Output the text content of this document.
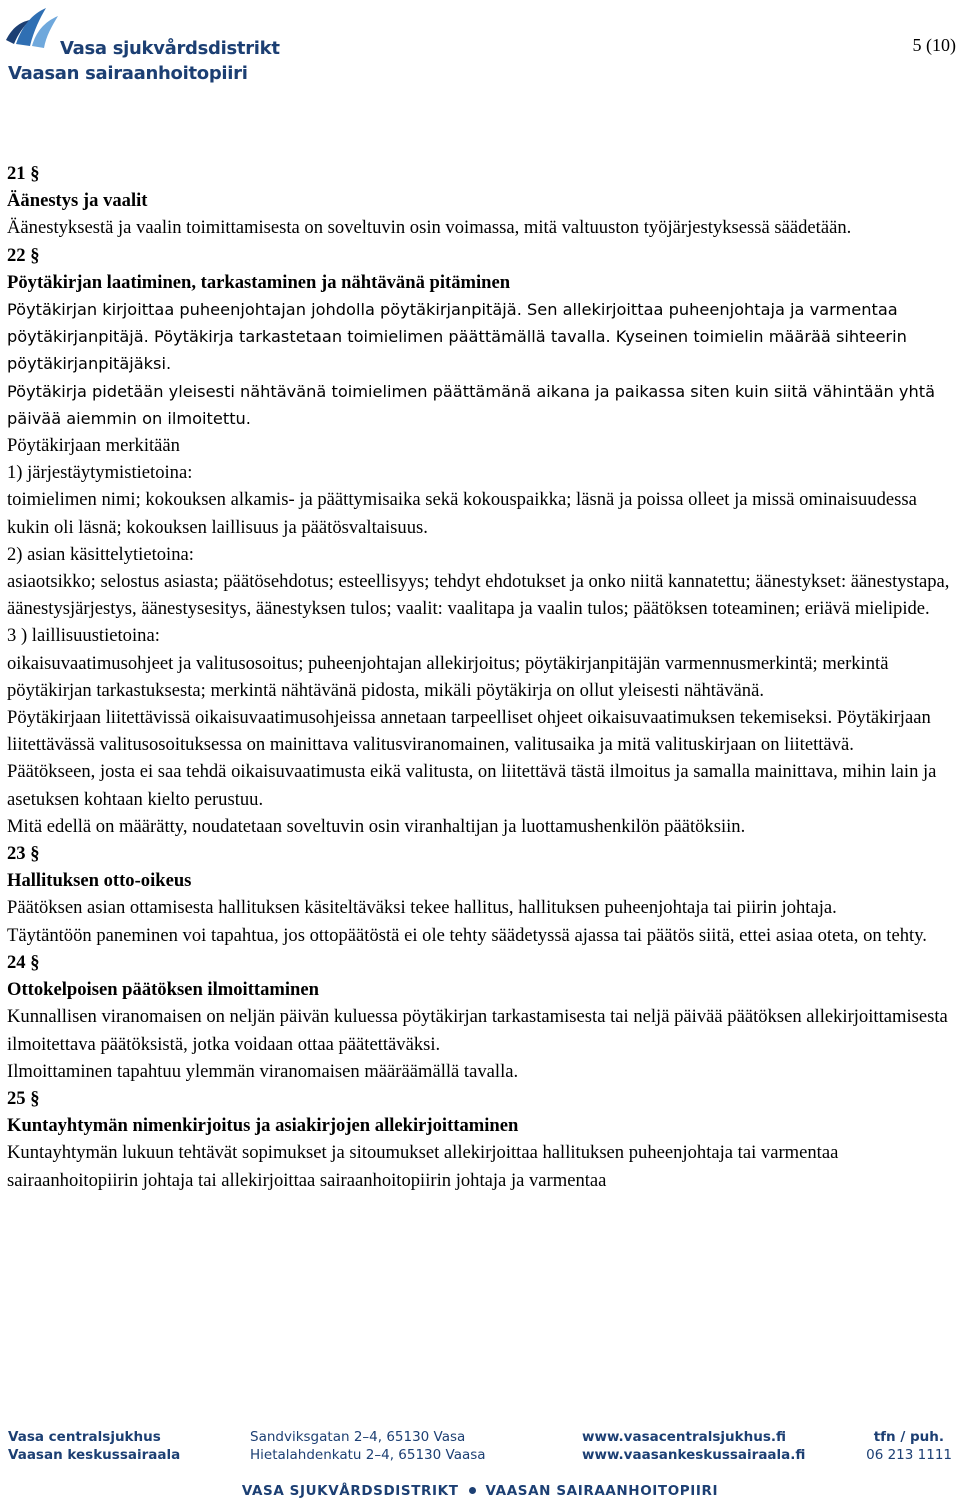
Vasa sjukvårdsdistrikt
Vaasan sairaanhoitopiiri
5 (10)

21 §

Äänestys ja vaalit

Äänestyksestä ja vaalin toimittamisesta on soveltuvin osin voimassa, mitä valtuuston työjärjestyksessä säädetään.

22 §

Pöytäkirjan laatiminen, tarkastaminen ja nähtävänä pitäminen

Pöytäkirjan kirjoittaa puheenjohtajan johdolla pöytäkirjanpitäjä. Sen allekirjoittaa puheenjohtaja ja varmentaa pöytäkirjanpitäjä. Pöytäkirja tarkastetaan toimielimen päättämällä tavalla. Kyseinen toimielin määrää sihteerin pöytäkirjanpitäjäksi.

Pöytäkirja pidetään yleisesti nähtävänä toimielimen päättämänä aikana ja paikassa siten kuin siitä vähintään yhtä päivää aiemmin on ilmoitettu.

Pöytäkirjaan merkitään

1) järjestäytymistietoina:

toimielimen nimi; kokouksen alkamis- ja päättymisaika sekä kokouspaikka; läsnä ja poissa olleet ja missä ominaisuudessa kukin oli läsnä; kokouksen laillisuus ja päätösvaltaisuus.

2) asian käsittelytietoina:

asiaotsikko; selostus asiasta; päätösehdotus; esteellisyys; tehdyt ehdotukset ja onko niitä kannatettu; äänestykset: äänestystapa, äänestysjärjestys, äänestysesitys, äänestyksen tulos; vaalit: vaalitapa ja vaalin tulos; päätöksen toteaminen; eriävä mielipide.

3 ) laillisuustietoina:

oikaisuvaatimusohjeet ja valitusosoitus; puheenjohtajan allekirjoitus; pöytäkirjanpitäjän varmennusmerkintä; merkintä pöytäkirjan tarkastuksesta; merkintä nähtävänä pidosta, mikäli pöytäkirja on ollut yleisesti nähtävänä.

Pöytäkirjaan liitettävissä oikaisuvaatimusohjeissa annetaan tarpeelliset ohjeet oikaisuvaatimuksen tekemiseksi. Pöytäkirjaan liitettävässä valitusosoituksessa on mainittava valitusviranomainen, valitusaika ja mitä valituskirjaan on liitettävä.

Päätökseen, josta ei saa tehdä oikaisuvaatimusta eikä valitusta, on liitettävä tästä ilmoitus ja samalla mainittava, mihin lain ja asetuksen kohtaan kielto perustuu.

Mitä edellä on määrätty, noudatetaan soveltuvin osin viranhaltijan ja luottamushenkilön päätöksiin.

23 §

Hallituksen otto-oikeus

Päätöksen asian ottamisesta hallituksen käsiteltäväksi tekee hallitus, hallituksen puheenjohtaja tai piirin johtaja.

Täytäntöön paneminen voi tapahtua, jos ottopäätöstä ei ole tehty säädetyssä ajassa tai päätös siitä, ettei asiaa oteta, on tehty.

24 §

Ottokelpoisen päätöksen ilmoittaminen

Kunnallisen viranomaisen on neljän päivän kuluessa pöytäkirjan tarkastamisesta tai neljä päivää päätöksen allekirjoittamisesta ilmoitettava päätöksistä, jotka voidaan ottaa päätettäväksi.

Ilmoittaminen tapahtuu ylemmän viranomaisen määräämällä tavalla.

25 §

Kuntayhtymän nimenkirjoitus ja asiakirjojen allekirjoittaminen

Kuntayhtymän lukuun tehtävät sopimukset ja sitoumukset allekirjoittaa hallituksen puheenjohtaja tai varmentaa sairaanhoitopiirin johtaja tai allekirjoittaa sairaanhoitopiirin johtaja ja varmentaa

Vasa centralsjukhus
Vaasan keskussairaala
Sandviksgatan 2–4, 65130 Vasa
Hietalahdenkatu 2–4, 65130 Vaasa
www.vasacentralsjukhus.fi
www.vaasankeskussairaala.fi
tfn / puh.
06 213 1111
VASA SJUKVÅRDSDISTRIKT VAASAN SAIRAANHOITOPIIRI
